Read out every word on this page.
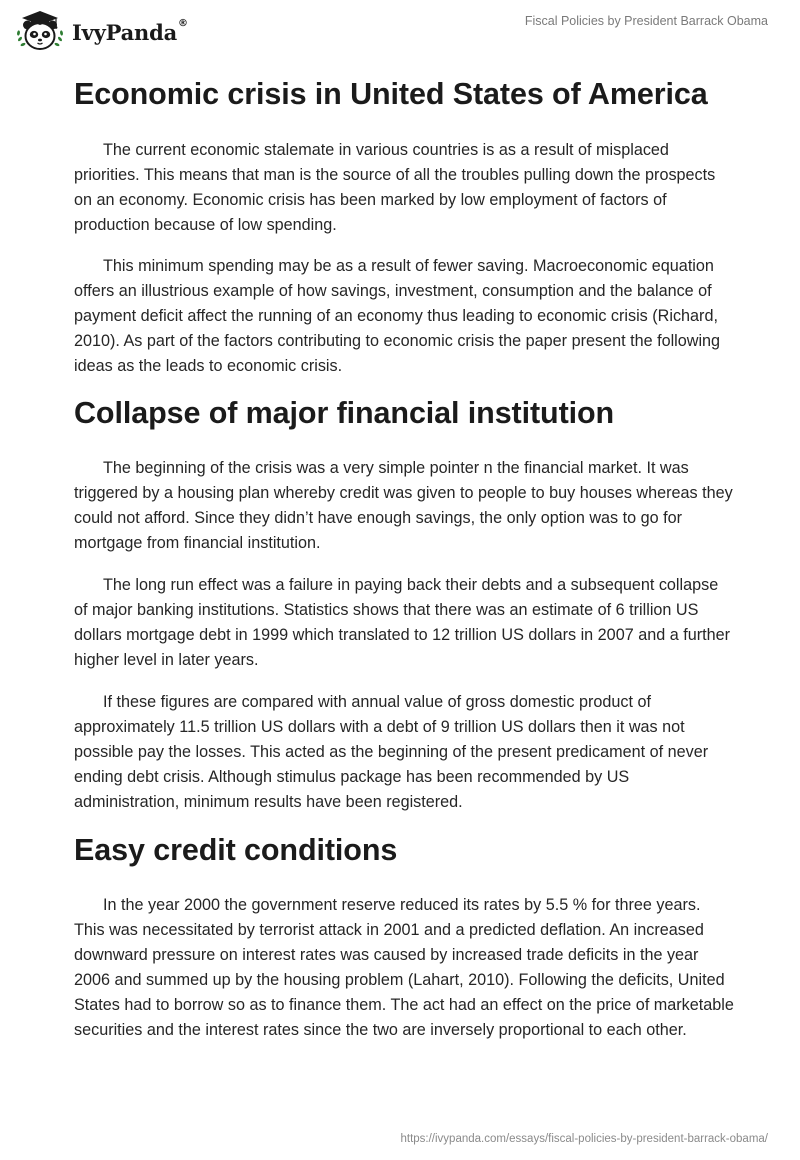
IvyPanda®	Fiscal Policies by President Barrack Obama
Economic crisis in United States of America

The current economic stalemate in various countries is as a result of misplaced priorities. This means that man is the source of all the troubles pulling down the prospects on an economy. Economic crisis has been marked by low employment of factors of production because of low spending.

This minimum spending may be as a result of fewer saving. Macroeconomic equation offers an illustrious example of how savings, investment, consumption and the balance of payment deficit affect the running of an economy thus leading to economic crisis (Richard, 2010). As part of the factors contributing to economic crisis the paper present the following ideas as the leads to economic crisis.

Collapse of major financial institution

The beginning of the crisis was a very simple pointer n the financial market. It was triggered by a housing plan whereby credit was given to people to buy houses whereas they could not afford. Since they didn’t have enough savings, the only option was to go for mortgage from financial institution.

The long run effect was a failure in paying back their debts and a subsequent collapse of major banking institutions. Statistics shows that there was an estimate of 6 trillion US dollars mortgage debt in 1999 which translated to 12 trillion US dollars in 2007 and a further higher level in later years.

If these figures are compared with annual value of gross domestic product of approximately 11.5 trillion US dollars with a debt of 9 trillion US dollars then it was not possible pay the losses. This acted as the beginning of the present predicament of never ending debt crisis. Although stimulus package has been recommended by US administration, minimum results have been registered.

Easy credit conditions

In the year 2000 the government reserve reduced its rates by 5.5 % for three years. This was necessitated by terrorist attack in 2001 and a predicted deflation. An increased downward pressure on interest rates was caused by increased trade deficits in the year 2006 and summed up by the housing problem (Lahart, 2010). Following the deficits, United States had to borrow so as to finance them. The act had an effect on the price of marketable securities and the interest rates since the two are inversely proportional to each other.

https://ivypanda.com/essays/fiscal-policies-by-president-barrack-obama/
